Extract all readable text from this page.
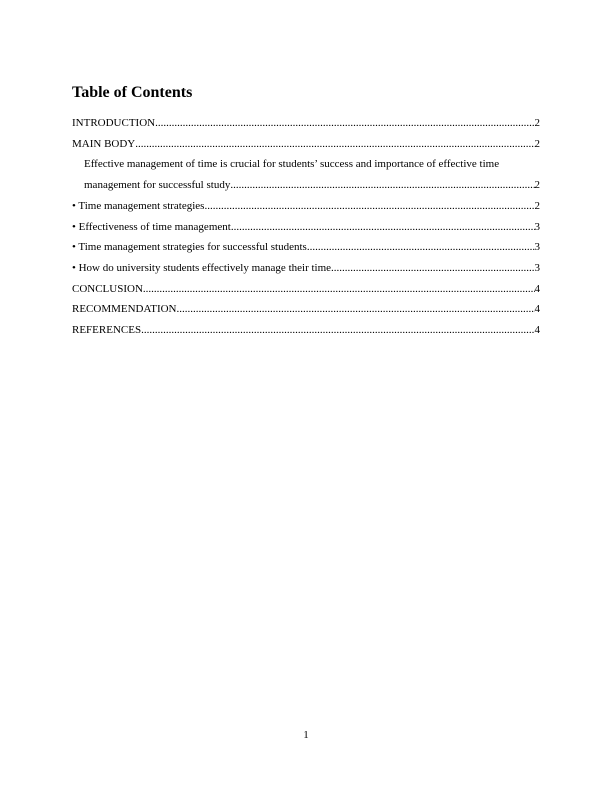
Table of Contents
INTRODUCTION .....	2
MAIN BODY .....	2
Effective management of time is crucial for students’ success and importance of effective time
management for successful study .....	2
• Time management strategies .....	2
• Effectiveness of time management .....	3
• Time management strategies for successful students .....	3
• How do university students effectively manage their time .....	3
CONCLUSION .....	4
RECOMMENDATION .....	4
REFERENCES .....	4
1
